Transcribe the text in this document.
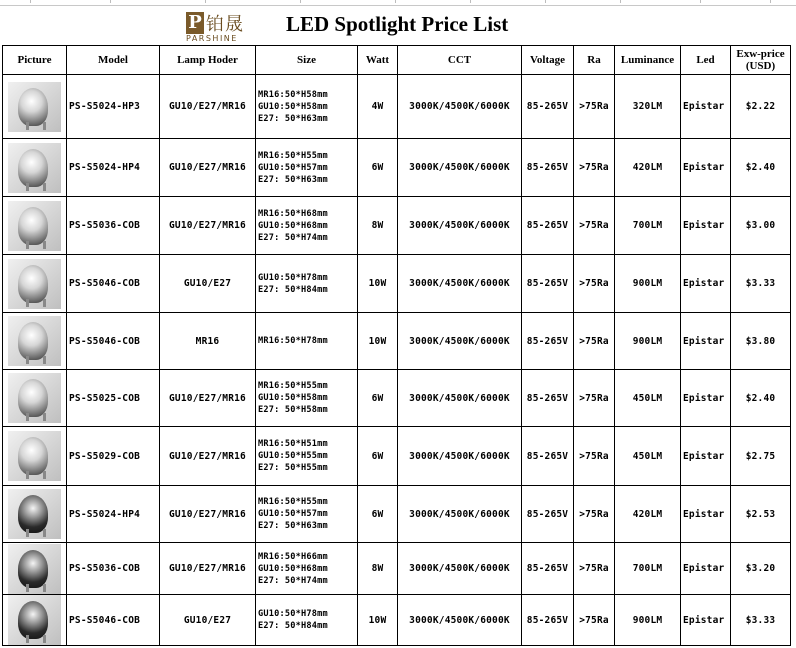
P 铂晟
PARSHINE
LED Spotlight Price List
Picture	Model	Lamp Hoder	Size	Watt	CCT	Voltage	Ra	Luminance	Led	Exw-price (USD)

	PS-S5024-HP3	GU10/E27/MR16	MR16:50*H58mm
GU10:50*H58mm
E27: 50*H63mm	4W	3000K/4500K/6000K	85-265V	>75Ra	320LM	Epistar	$2.22

	PS-S5024-HP4	GU10/E27/MR16	MR16:50*H55mm
GU10:50*H57mm
E27: 50*H63mm	6W	3000K/4500K/6000K	85-265V	>75Ra	420LM	Epistar	$2.40

	PS-S5036-COB	GU10/E27/MR16	MR16:50*H68mm
GU10:50*H68mm
E27: 50*H74mm	8W	3000K/4500K/6000K	85-265V	>75Ra	700LM	Epistar	$3.00

	PS-S5046-COB	GU10/E27	GU10:50*H78mm
E27: 50*H84mm	10W	3000K/4500K/6000K	85-265V	>75Ra	900LM	Epistar	$3.33

	PS-S5046-COB	MR16	MR16:50*H78mm	10W	3000K/4500K/6000K	85-265V	>75Ra	900LM	Epistar	$3.80

	PS-S5025-COB	GU10/E27/MR16	MR16:50*H55mm
GU10:50*H58mm
E27: 50*H58mm	6W	3000K/4500K/6000K	85-265V	>75Ra	450LM	Epistar	$2.40

	PS-S5029-COB	GU10/E27/MR16	MR16:50*H51mm
GU10:50*H55mm
E27: 50*H55mm	6W	3000K/4500K/6000K	85-265V	>75Ra	450LM	Epistar	$2.75

	PS-S5024-HP4	GU10/E27/MR16	MR16:50*H55mm
GU10:50*H57mm
E27: 50*H63mm	6W	3000K/4500K/6000K	85-265V	>75Ra	420LM	Epistar	$2.53

	PS-S5036-COB	GU10/E27/MR16	MR16:50*H66mm
GU10:50*H68mm
E27: 50*H74mm	8W	3000K/4500K/6000K	85-265V	>75Ra	700LM	Epistar	$3.20

	PS-S5046-COB	GU10/E27	GU10:50*H78mm
E27: 50*H84mm	10W	3000K/4500K/6000K	85-265V	>75Ra	900LM	Epistar	$3.33
